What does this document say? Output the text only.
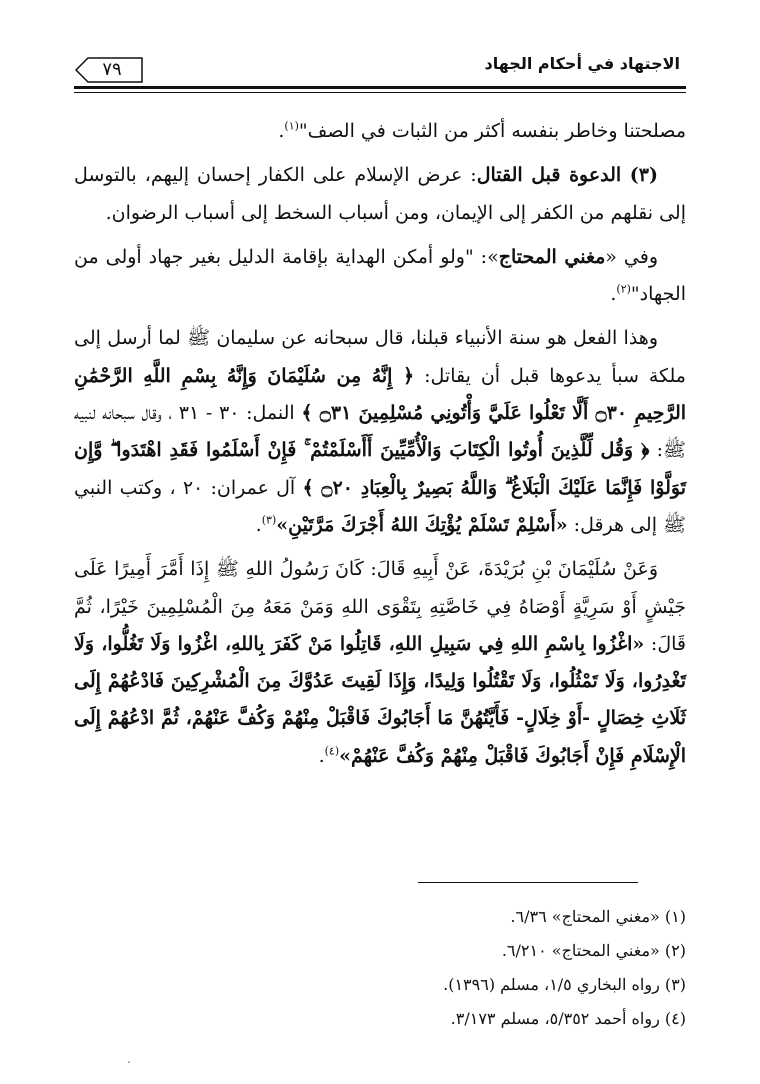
الاجتهاد في أحكام الجهاد
٧٩

مصلحتنا وخاطر بنفسه أكثر من الثبات في الصف"$^{(١)}$.

(٣) الدعوة قبل القتال: عرض الإسلام على الكفار إحسان إليهم، بالتوسل إلى نقلهم من الكفر إلى الإيمان، ومن أسباب السخط إلى أسباب الرضوان.

وفي «مغني المحتاج»: "ولو أمكن الهداية بإقامة الدليل بغير جهاد أولى من الجهاد"$^{(٢)}$.

وهذا الفعل هو سنة الأنبياء قبلنا، قال سبحانه عن سليمان ﷺ لما أرسل إلى ملكة سبأ يدعوها قبل أن يقاتل: ﴿ إِنَّهُ مِن سُلَيْمَانَ وَإِنَّهُ بِسْمِ اللَّهِ الرَّحْمَٰنِ الرَّحِيمِ ۝٣٠ أَلَّا تَعْلُوا عَلَيَّ وَأْتُونِي مُسْلِمِينَ ۝٣١ ﴾ النمل: ٣٠ - ٣١ ، وقال سبحانه لنبيه ﷺ: ﴿ وَقُل لِّلَّذِينَ أُوتُوا الْكِتَابَ وَالْأُمِّيِّينَ أَأَسْلَمْتُمْ ۚ فَإِنْ أَسْلَمُوا فَقَدِ اهْتَدَوا ۖ وَّإِن تَوَلَّوْا فَإِنَّمَا عَلَيْكَ الْبَلَاغُ ۗ وَاللَّهُ بَصِيرٌ بِالْعِبَادِ ۝٢٠ ﴾ آل عمران: ٢٠ ، وكتب النبي ﷺ إلى هرقل: «أَسْلِمْ تَسْلَمْ يُؤْتِكَ اللهُ أَجْرَكَ مَرَّتَيْنِ»$^{(٣)}$.

وَعَنْ سُلَيْمَانَ بْنِ بُرَيْدَةَ، عَنْ أَبِيهِ قَالَ: كَانَ رَسُولُ اللهِ ﷺ إِذَا أَمَّرَ أَمِيرًا عَلَى جَيْشٍ أَوْ سَرِيَّةٍ أَوْصَاهُ فِي خَاصَّتِهِ بِتَقْوَى اللهِ وَمَنْ مَعَهُ مِنَ الْمُسْلِمِينَ خَيْرًا، ثُمَّ قَالَ: «اغْزُوا بِاسْمِ اللهِ فِي سَبِيلِ اللهِ، قَاتِلُوا مَنْ كَفَرَ بِاللهِ، اغْزُوا وَلَا تَغُلُّوا، وَلَا تَغْدِرُوا، وَلَا تَمْثُلُوا، وَلَا تَقْتُلُوا وَلِيدًا، وَإِذَا لَقِيتَ عَدُوَّكَ مِنَ الْمُشْرِكِينَ فَادْعُهُمْ إِلَى ثَلَاثِ خِصَالٍ -أَوْ خِلَالٍ- فَأَيَّتُهُنَّ مَا أَجَابُوكَ فَاقْبَلْ مِنْهُمْ وَكُفَّ عَنْهُمْ، ثُمَّ ادْعُهُمْ إِلَى الْإِسْلَامِ فَإِنْ أَجَابُوكَ فَاقْبَلْ مِنْهُمْ وَكُفَّ عَنْهُمْ»$^{(٤)}$.

(١) «مغني المحتاج» ٦/٣٦.
(٢) «مغني المحتاج» ٦/٢١٠.
(٣) رواه البخاري ١/٥، مسلم (١٣٩٦).
(٤) رواه أحمد ٥/٣٥٢، مسلم ٣/١٧٣.
.
